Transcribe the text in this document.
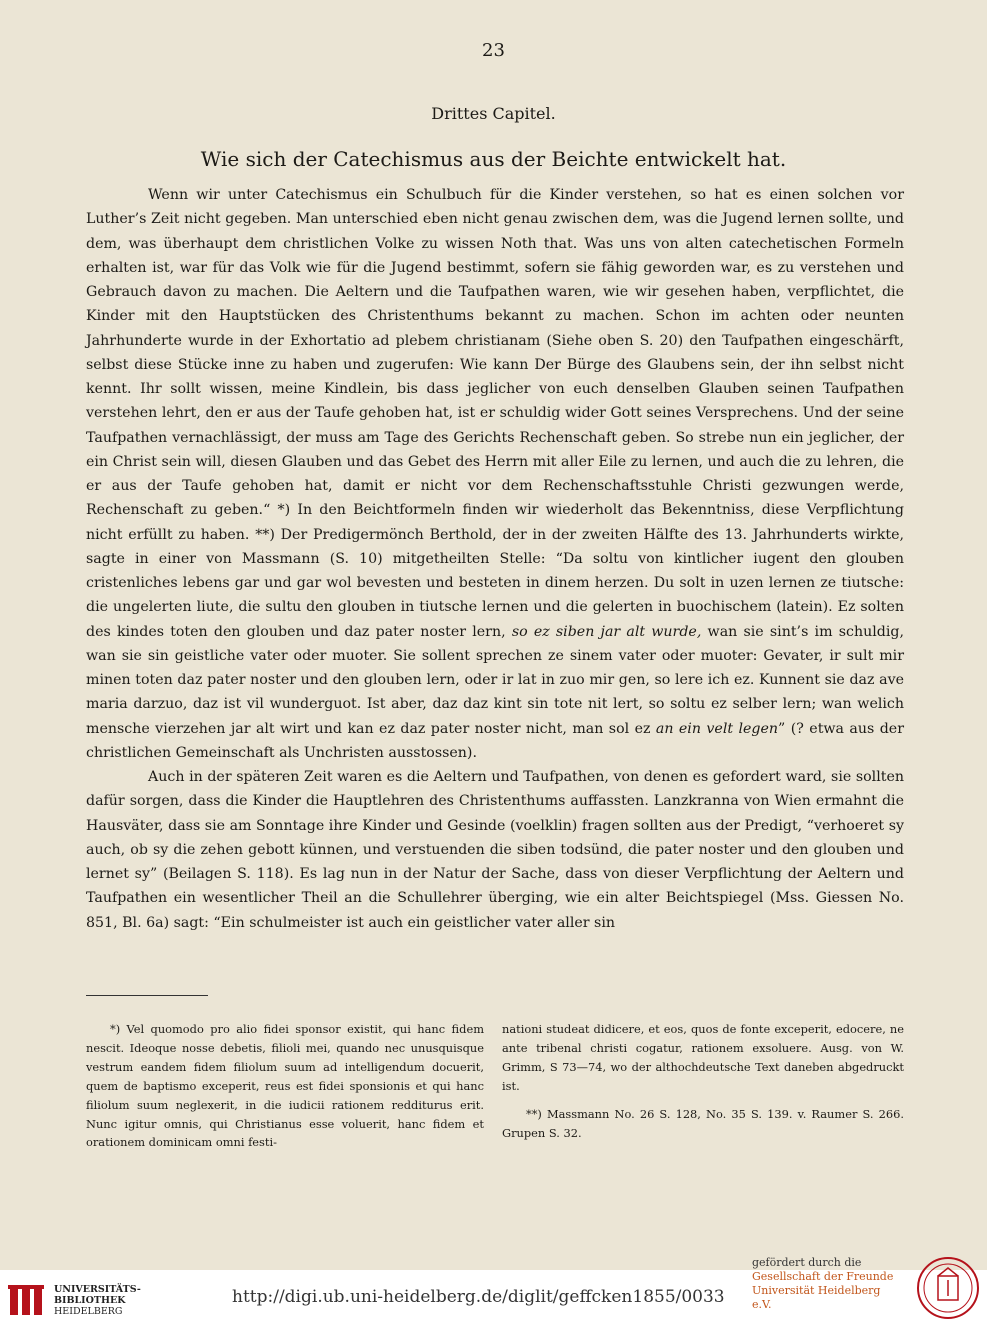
23
Drittes Capitel.
Wie sich der Catechismus aus der Beichte entwickelt hat.

Wenn wir unter Catechismus ein Schulbuch für die Kinder verstehen, so hat es einen solchen vor Luther’s Zeit nicht gegeben. Man unterschied eben nicht genau zwischen dem, was die Jugend lernen sollte, und dem, was überhaupt dem christlichen Volke zu wissen Noth that. Was uns von alten catechetischen Formeln erhalten ist, war für das Volk wie für die Jugend bestimmt, sofern sie fähig geworden war, es zu verstehen und Gebrauch davon zu machen. Die Aeltern und die Taufpathen waren, wie wir gesehen haben, verpflichtet, die Kinder mit den Hauptstücken des Christenthums bekannt zu machen. Schon im achten oder neunten Jahrhunderte wurde in der Exhortatio ad plebem christianam (Siehe oben S. 20) den Taufpathen eingeschärft, selbst diese Stücke inne zu haben und zugerufen: Wie kann Der Bürge des Glaubens sein, der ihn selbst nicht kennt. Ihr sollt wissen, meine Kindlein, bis dass jeglicher von euch denselben Glauben seinen Taufpathen verstehen lehrt, den er aus der Taufe gehoben hat, ist er schuldig wider Gott seines Versprechens. Und der seine Taufpathen vernachlässigt, der muss am Tage des Gerichts Rechenschaft geben. So strebe nun ein jeglicher, der ein Christ sein will, diesen Glauben und das Gebet des Herrn mit aller Eile zu lernen, und auch die zu lehren, die er aus der Taufe gehoben hat, damit er nicht vor dem Rechenschaftsstuhle Christi gezwungen werde, Rechenschaft zu geben.“ *) In den Beichtformeln finden wir wiederholt das Bekenntniss, diese Verpflichtung nicht erfüllt zu haben. **) Der Predigermönch Berthold, der in der zweiten Hälfte des 13. Jahrhunderts wirkte, sagte in einer von Massmann (S. 10) mitgetheilten Stelle: “Da soltu von kintlicher iugent den glouben cristenliches lebens gar und gar wol bevesten und besteten in dinem herzen. Du solt in uzen lernen ze tiutsche: die ungelerten liute, die sultu den glouben in tiutsche lernen und die gelerten in buochischem (latein). Ez solten des kindes toten den glouben und daz pater noster lern, so ez siben jar alt wurde, wan sie sint’s im schuldig, wan sie sin geistliche vater oder muoter. Sie sollent sprechen ze sinem vater oder muoter: Gevater, ir sult mir minen toten daz pater noster und den glouben lern, oder ir lat in zuo mir gen, so lere ich ez. Kunnent sie daz ave maria darzuo, daz ist vil wunderguot. Ist aber, daz daz kint sin tote nit lert, so soltu ez selber lern; wan welich mensche vierzehen jar alt wirt und kan ez daz pater noster nicht, man sol ez an ein velt legen” (? etwa aus der christlichen Gemeinschaft als Unchristen ausstossen).

Auch in der späteren Zeit waren es die Aeltern und Taufpathen, von denen es gefordert ward, sie sollten dafür sorgen, dass die Kinder die Hauptlehren des Christenthums auffassten. Lanzkranna von Wien ermahnt die Hausväter, dass sie am Sonntage ihre Kinder und Gesinde (voelklin) fragen sollten aus der Predigt, “verhoeret sy auch, ob sy die zehen gebott künnen, und verstuenden die siben todsünd, die pater noster und den glouben und lernet sy” (Beilagen S. 118). Es lag nun in der Natur der Sache, dass von dieser Verpflichtung der Aeltern und Taufpathen ein wesentlicher Theil an die Schullehrer überging, wie ein alter Beichtspiegel (Mss. Giessen No. 851, Bl. 6a) sagt: “Ein schulmeister ist auch ein geistlicher vater aller sin

*) Vel quomodo pro alio fidei sponsor existit, qui hanc fidem nescit. Ideoque nosse debetis, filioli mei, quando nec unusquisque vestrum eandem fidem filiolum suum ad intelligendum docuerit, quem de baptismo exceperit, reus est fidei sponsionis et qui hanc filiolum suum neglexerit, in die iudicii rationem redditurus erit. Nunc igitur omnis, qui Christianus esse voluerit, hanc fidem et orationem dominicam omni festi-

nationi studeat didicere, et eos, quos de fonte exceperit, edocere, ne ante tribenal christi cogatur, rationem exsoluere. Ausg. von W. Grimm, S 73—74, wo der althochdeutsche Text daneben abgedruckt ist.

**) Massmann No. 26 S. 128, No. 35 S. 139. v. Raumer S. 266. Grupen S. 32.

UNIVERSITÄTS-
BIBLIOTHEK
HEIDELBERG
http://digi.ub.uni-heidelberg.de/diglit/geffcken1855/0033
gefördert durch die
Gesellschaft der Freunde
Universität Heidelberg e.V.
